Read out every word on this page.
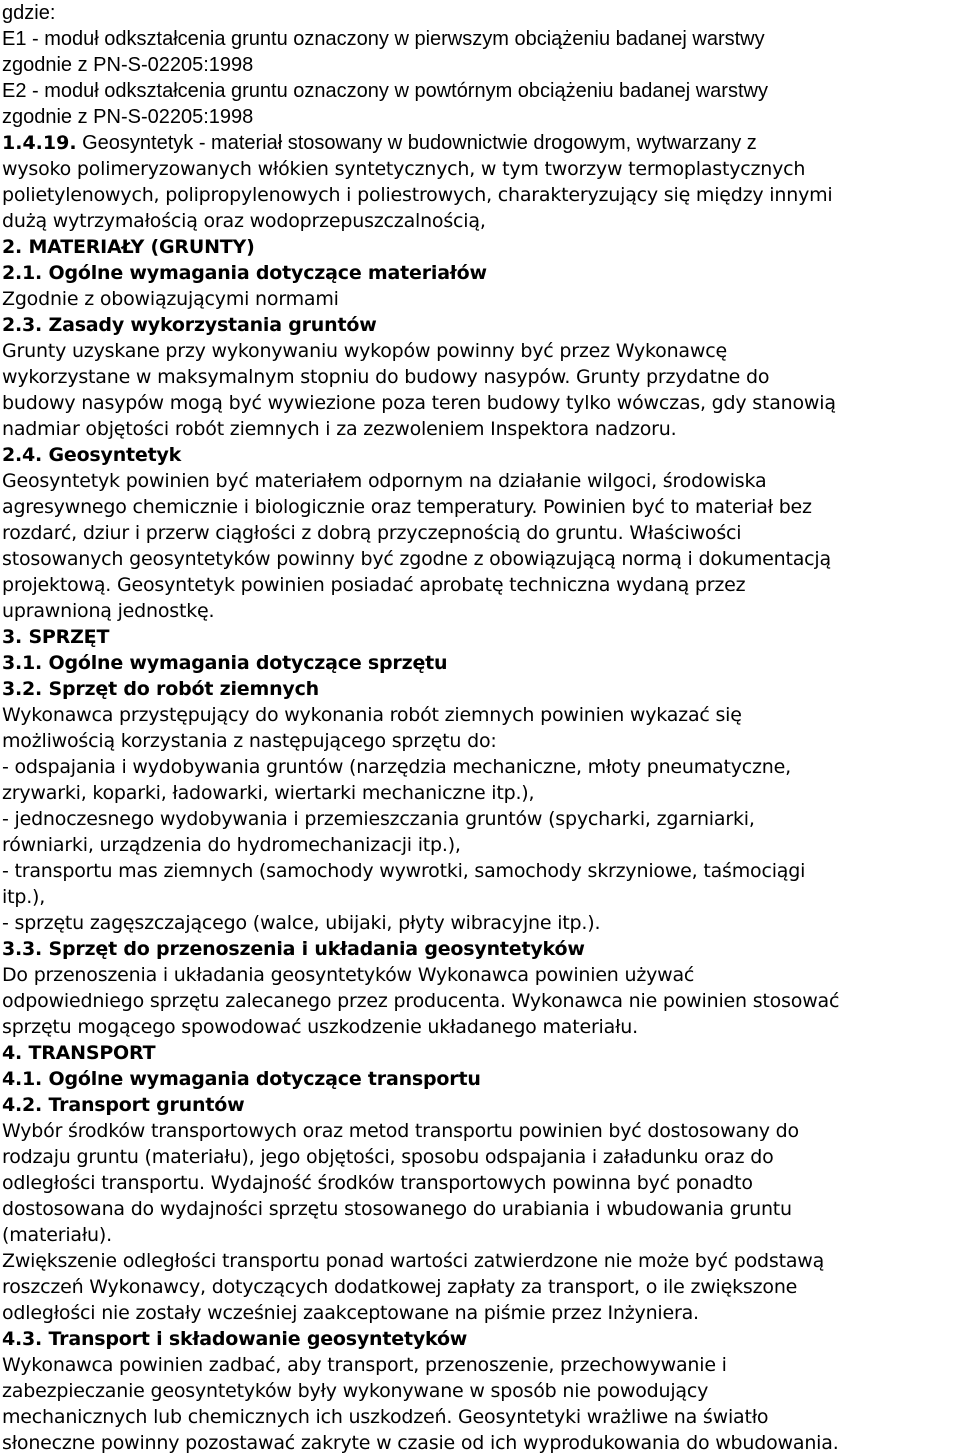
gdzie:
E1 - moduł odkształcenia gruntu oznaczony w pierwszym obciążeniu badanej warstwy
zgodnie z PN-S-02205:1998
E2 - moduł odkształcenia gruntu oznaczony w powtórnym obciążeniu badanej warstwy
zgodnie z PN-S-02205:1998
1.4.19. Geosyntetyk - materiał stosowany w budownictwie drogowym, wytwarzany z
wysoko polimeryzowanych włókien syntetycznych, w tym tworzyw termoplastycznych
polietylenowych, polipropylenowych i poliestrowych, charakteryzujący się między innymi
dużą wytrzymałością oraz wodoprzepuszczalnością,
2. MATERIAŁY (GRUNTY)
2.1. Ogólne wymagania dotyczące materiałów
Zgodnie z obowiązującymi normami
2.3. Zasady wykorzystania gruntów
Grunty uzyskane przy wykonywaniu wykopów powinny być przez Wykonawcę
wykorzystane w maksymalnym stopniu do budowy nasypów. Grunty przydatne do
budowy nasypów mogą być wywiezione poza teren budowy tylko wówczas, gdy stanowią
nadmiar objętości robót ziemnych i za zezwoleniem Inspektora nadzoru.
2.4. Geosyntetyk
Geosyntetyk powinien być materiałem odpornym na działanie wilgoci, środowiska
agresywnego chemicznie i biologicznie oraz temperatury. Powinien być to materiał bez
rozdarć, dziur i przerw ciągłości z dobrą przyczepnością do gruntu. Właściwości
stosowanych geosyntetyków powinny być zgodne z obowiązującą normą i dokumentacją
projektową. Geosyntetyk powinien posiadać aprobatę techniczna wydaną przez
uprawnioną jednostkę.
3. SPRZĘT
3.1. Ogólne wymagania dotyczące sprzętu
3.2. Sprzęt do robót ziemnych
Wykonawca przystępujący do wykonania robót ziemnych powinien wykazać się
możliwością korzystania z następującego sprzętu do:
- odspajania i wydobywania gruntów (narzędzia mechaniczne, młoty pneumatyczne,
zrywarki, koparki, ładowarki, wiertarki mechaniczne itp.),
- jednoczesnego wydobywania i przemieszczania gruntów (spycharki, zgarniarki,
równiarki, urządzenia do hydromechanizacji itp.),
- transportu mas ziemnych (samochody wywrotki, samochody skrzyniowe, taśmociągi
itp.),
- sprzętu zagęszczającego (walce, ubijaki, płyty wibracyjne itp.).
3.3. Sprzęt do przenoszenia i układania geosyntetyków
Do przenoszenia i układania geosyntetyków Wykonawca powinien używać
odpowiedniego sprzętu zalecanego przez producenta. Wykonawca nie powinien stosować
sprzętu mogącego spowodować uszkodzenie układanego materiału.
4. TRANSPORT
4.1. Ogólne wymagania dotyczące transportu
4.2. Transport gruntów
Wybór środków transportowych oraz metod transportu powinien być dostosowany do
rodzaju gruntu (materiału), jego objętości, sposobu odspajania i załadunku oraz do
odległości transportu. Wydajność środków transportowych powinna być ponadto
dostosowana do wydajności sprzętu stosowanego do urabiania i wbudowania gruntu
(materiału).
Zwiększenie odległości transportu ponad wartości zatwierdzone nie może być podstawą
roszczeń Wykonawcy, dotyczących dodatkowej zapłaty za transport, o ile zwiększone
odległości nie zostały wcześniej zaakceptowane na piśmie przez Inżyniera.
4.3. Transport i składowanie geosyntetyków
Wykonawca powinien zadbać, aby transport, przenoszenie, przechowywanie i
zabezpieczanie geosyntetyków były wykonywane w sposób nie powodujący
mechanicznych lub chemicznych ich uszkodzeń. Geosyntetyki wrażliwe na światło
słoneczne powinny pozostawać zakryte w czasie od ich wyprodukowania do wbudowania.
